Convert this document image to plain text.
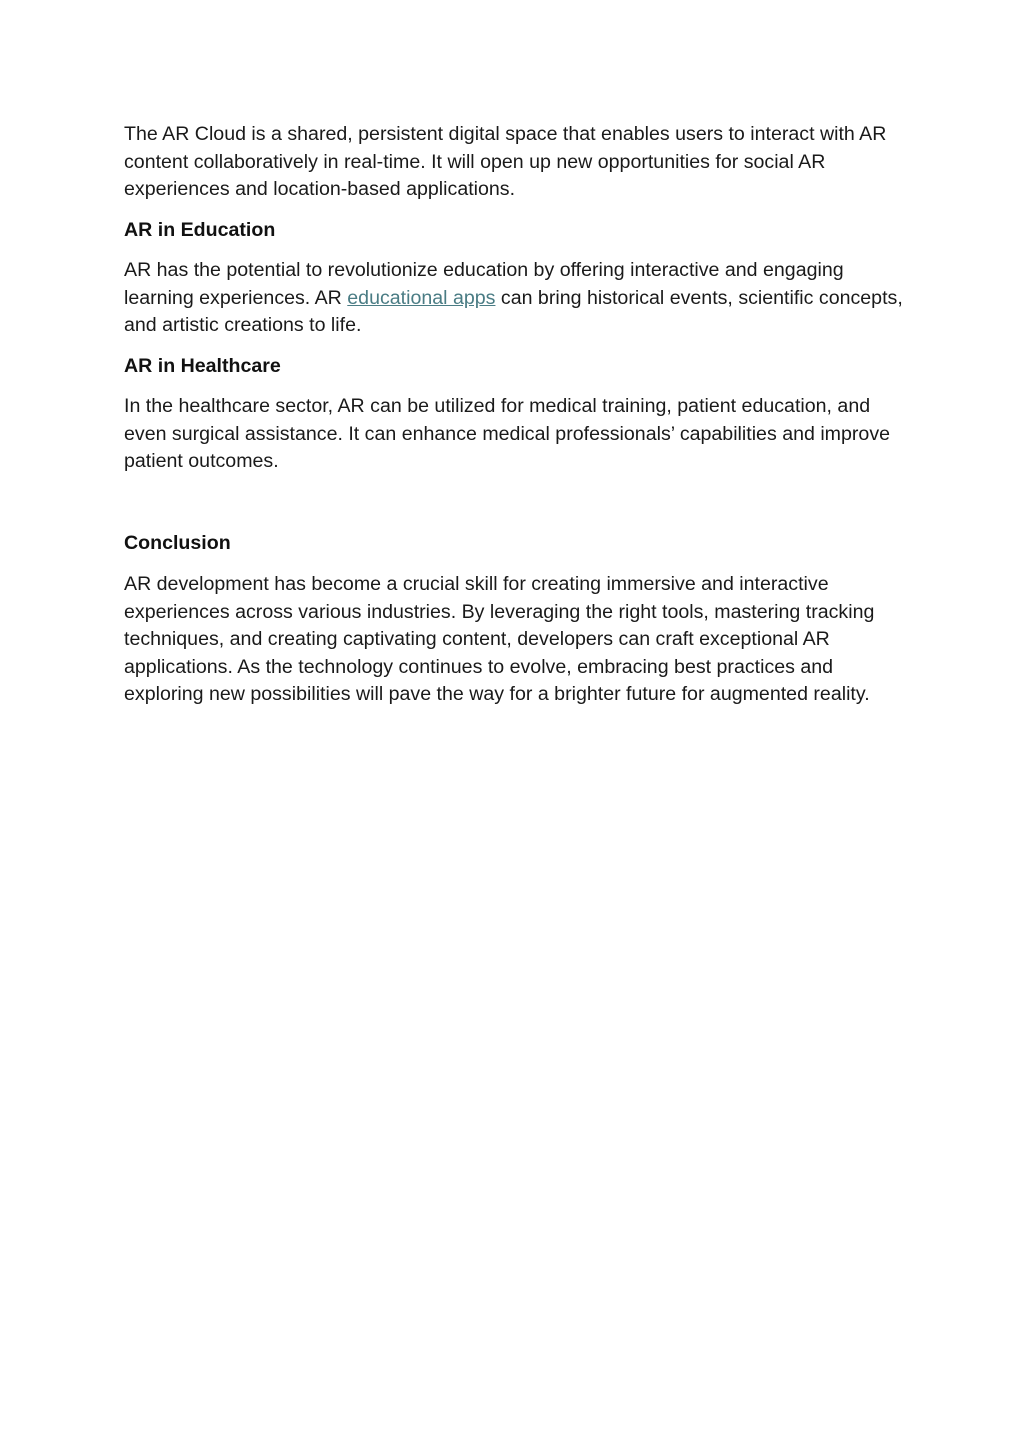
The AR Cloud is a shared, persistent digital space that enables users to interact with AR content collaboratively in real-time. It will open up new opportunities for social AR experiences and location-based applications.

AR in Education

AR has the potential to revolutionize education by offering interactive and engaging learning experiences. AR educational apps can bring historical events, scientific concepts, and artistic creations to life.

AR in Healthcare

In the healthcare sector, AR can be utilized for medical training, patient education, and even surgical assistance. It can enhance medical professionals’ capabilities and improve patient outcomes.

Conclusion

AR development has become a crucial skill for creating immersive and interactive experiences across various industries. By leveraging the right tools, mastering tracking techniques, and creating captivating content, developers can craft exceptional AR applications. As the technology continues to evolve, embracing best practices and exploring new possibilities will pave the way for a brighter future for augmented reality.
